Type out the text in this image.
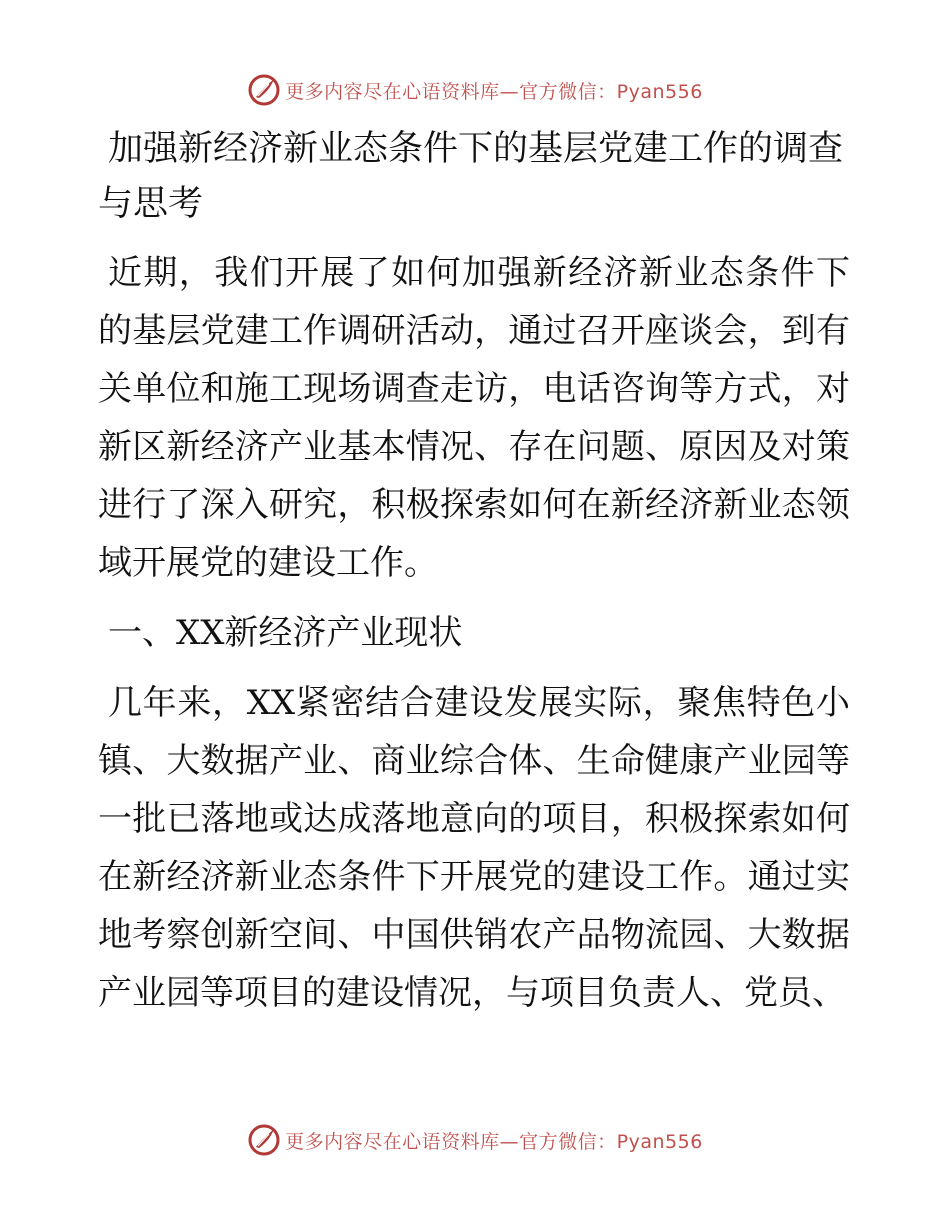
更多内容尽在心语资料库—官方微信：Pyan556
加强新经济新业态条件下的基层党建工作的调查与思考

近期，我们开展了如何加强新经济新业态条件下的基层党建工作调研活动，通过召开座谈会，到有关单位和施工现场调查走访，电话咨询等方式，对新区新经济产业基本情况、存在问题、原因及对策进行了深入研究，积极探索如何在新经济新业态领域开展党的建设工作。

一、XX新经济产业现状

几年来，XX紧密结合建设发展实际，聚焦特色小镇、大数据产业、商业综合体、生命健康产业园等一批已落地或达成落地意向的项目，积极探索如何在新经济新业态条件下开展党的建设工作。通过实地考察创新空间、中国供销农产品物流园、大数据产业园等项目的建设情况，与项目负责人、党员、

更多内容尽在心语资料库—官方微信：Pyan556
